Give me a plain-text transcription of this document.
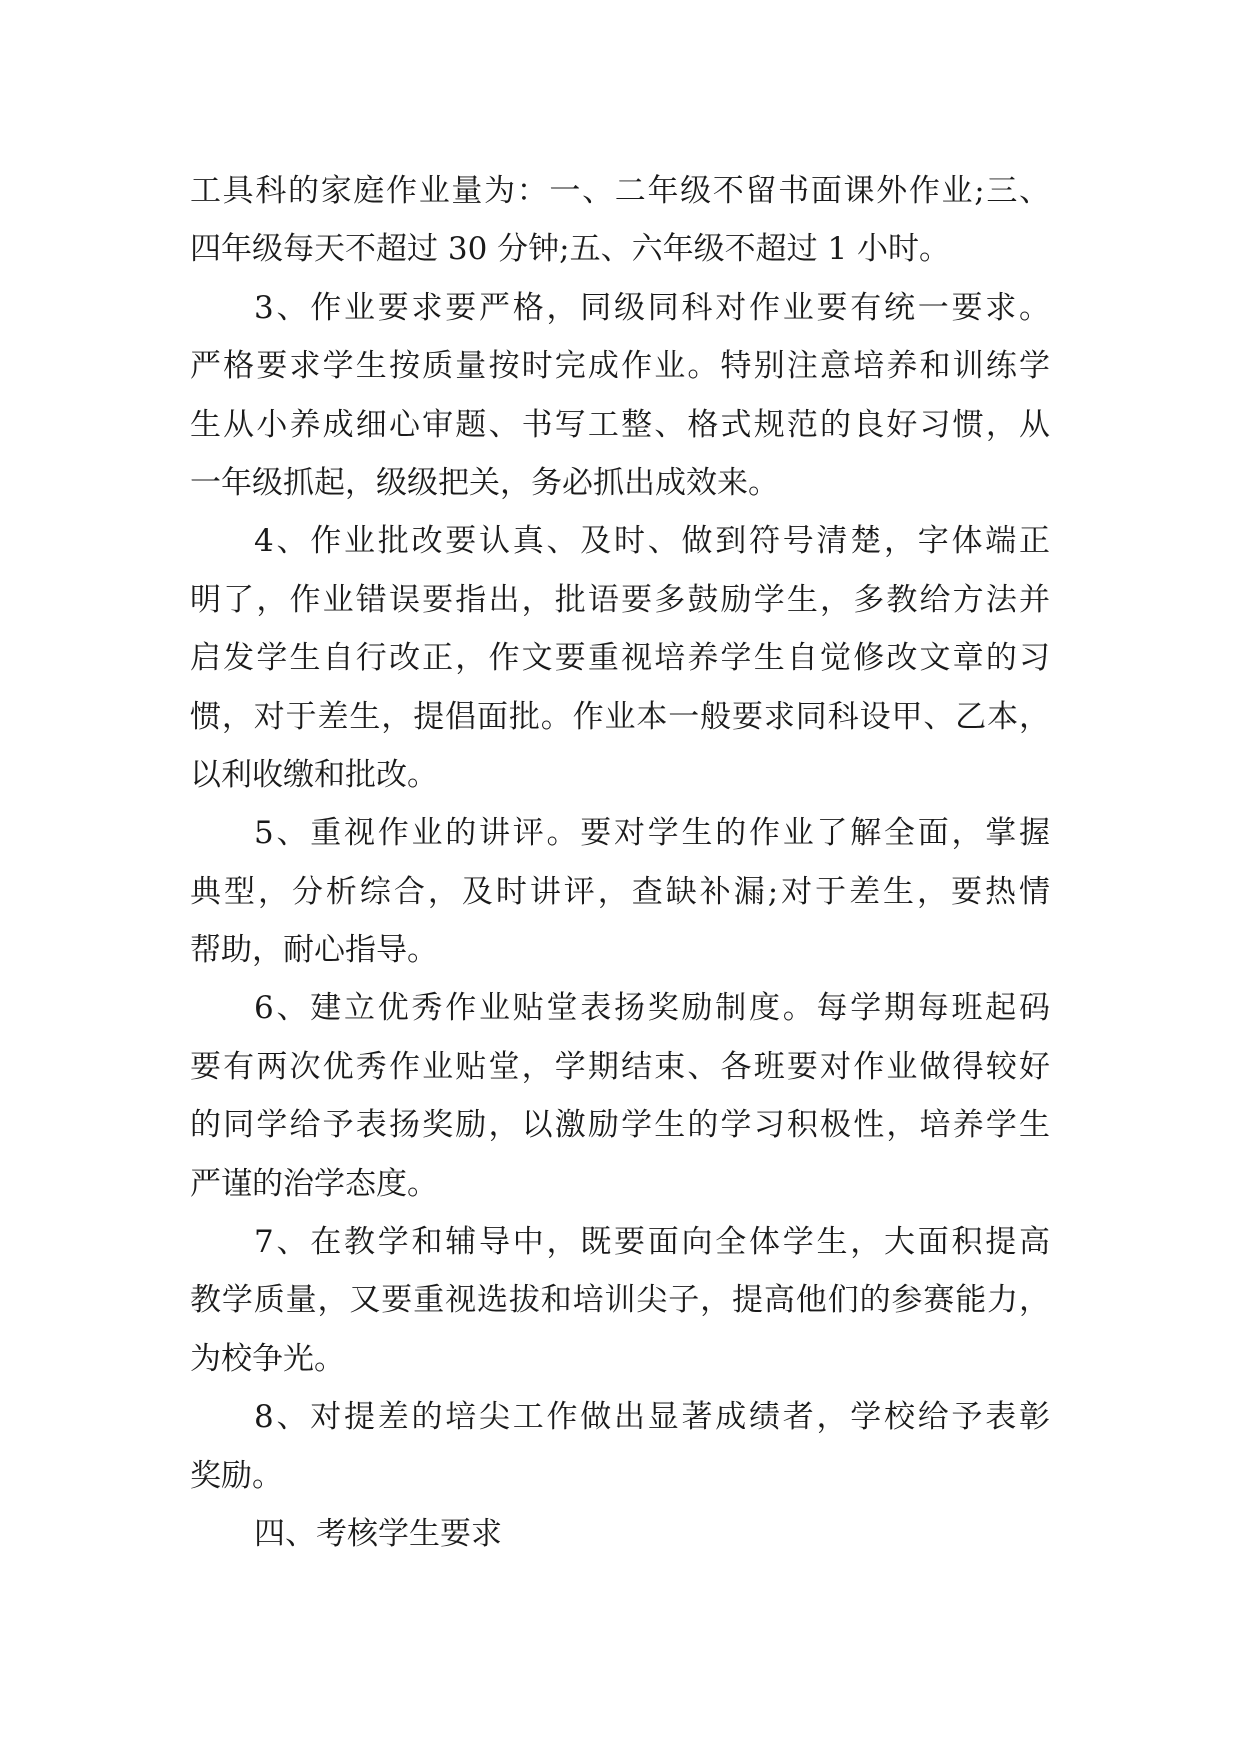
工具科的家庭作业量为：一、二年级不留书面课外作业;三、
四年级每天不超过 30 分钟;五、六年级不超过 1 小时。
3、作业要求要严格，同级同科对作业要有统一要求。
严格要求学生按质量按时完成作业。特别注意培养和训练学
生从小养成细心审题、书写工整、格式规范的良好习惯，从
一年级抓起，级级把关，务必抓出成效来。
4、作业批改要认真、及时、做到符号清楚，字体端正
明了，作业错误要指出，批语要多鼓励学生，多教给方法并
启发学生自行改正，作文要重视培养学生自觉修改文章的习
惯，对于差生，提倡面批。作业本一般要求同科设甲、乙本，
以利收缴和批改。
5、重视作业的讲评。要对学生的作业了解全面，掌握
典型，分析综合，及时讲评，查缺补漏;对于差生，要热情
帮助，耐心指导。
6、建立优秀作业贴堂表扬奖励制度。每学期每班起码
要有两次优秀作业贴堂，学期结束、各班要对作业做得较好
的同学给予表扬奖励，以激励学生的学习积极性，培养学生
严谨的治学态度。
7、在教学和辅导中，既要面向全体学生，大面积提高
教学质量，又要重视选拔和培训尖子，提高他们的参赛能力，
为校争光。
8、对提差的培尖工作做出显著成绩者，学校给予表彰
奖励。
四、考核学生要求
